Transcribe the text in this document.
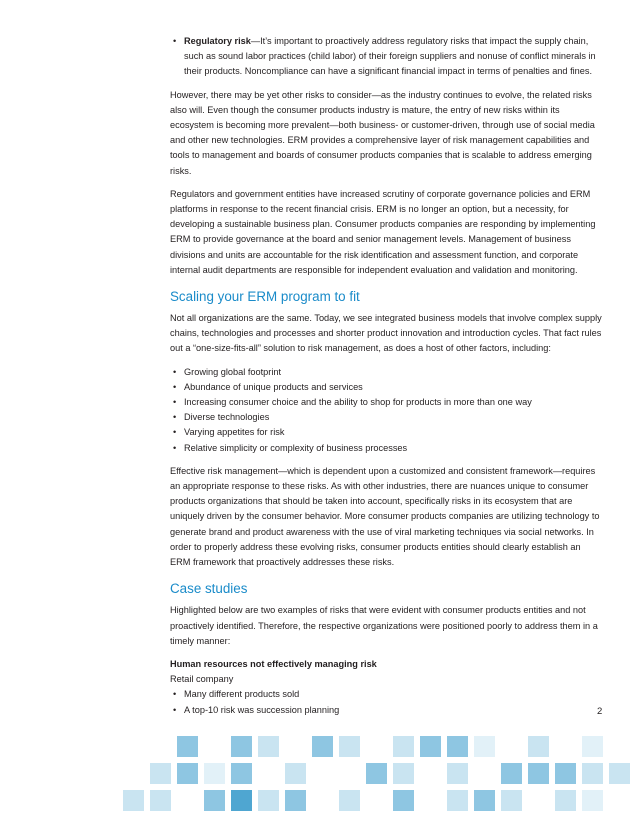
• Regulatory risk—It’s important to proactively address regulatory risks that impact the supply chain, such as sound labor practices (child labor) of their foreign suppliers and nonuse of conflict minerals in their products. Noncompliance can have a significant financial impact in terms of penalties and fines.

However, there may be yet other risks to consider—as the industry continues to evolve, the related risks also will. Even though the consumer products industry is mature, the entry of new risks within its ecosystem is becoming more prevalent—both business- or customer-driven, through use of social media and other new technologies. ERM provides a comprehensive layer of risk management capabilities and tools to management and boards of consumer products companies that is scalable to address emerging risks.

Regulators and government entities have increased scrutiny of corporate governance policies and ERM platforms in response to the recent financial crisis. ERM is no longer an option, but a necessity, for developing a sustainable business plan. Consumer products companies are responding by implementing ERM to provide governance at the board and senior management levels. Management of business divisions and units are accountable for the risk identification and assessment function, and corporate internal audit departments are responsible for independent evaluation and validation and monitoring.

Scaling your ERM program to fit

Not all organizations are the same. Today, we see integrated business models that involve complex supply chains, technologies and processes and shorter product innovation and introduction cycles. That fact rules out a “one-size-fits-all” solution to risk management, as does a host of other factors, including:

• Growing global footprint
• Abundance of unique products and services
• Increasing consumer choice and the ability to shop for products in more than one way
• Diverse technologies
• Varying appetites for risk
• Relative simplicity or complexity of business processes

Effective risk management—which is dependent upon a customized and consistent framework—requires an appropriate response to these risks. As with other industries, there are nuances unique to consumer products organizations that should be taken into account, specifically risks in its ecosystem that are uniquely driven by the consumer behavior. More consumer products companies are utilizing technology to generate brand and product awareness with the use of viral marketing techniques via social networks. In order to properly address these evolving risks, consumer products entities should clearly establish an ERM framework that proactively addresses these risks.

Case studies

Highlighted below are two examples of risks that were evident with consumer products entities and not proactively identified. Therefore, the respective organizations were positioned poorly to address them in a timely manner:

Human resources not effectively managing risk

Retail company

• Many different products sold
• A top-10 risk was succession planning	2
